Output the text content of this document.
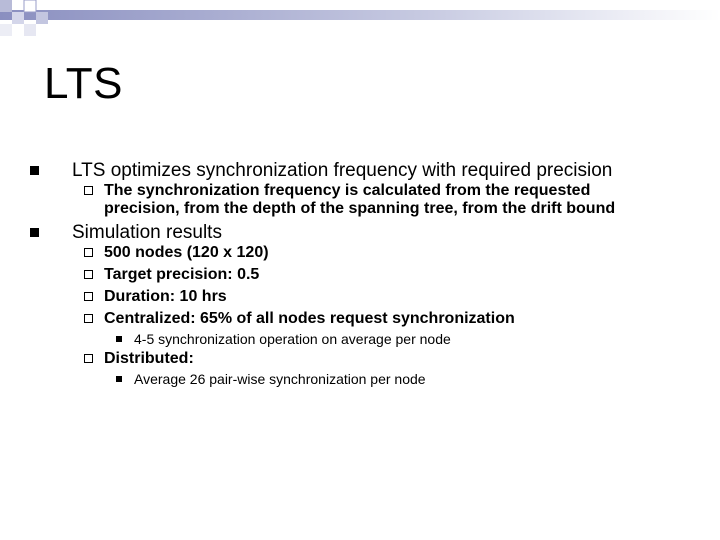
LTS
LTS optimizes synchronization frequency with required precision
The synchronization frequency is calculated from the requested precision, from the depth of the spanning tree, from the drift bound
Simulation results
500 nodes (120 x 120)
Target precision: 0.5
Duration: 10 hrs
Centralized: 65% of all nodes request synchronization
4-5 synchronization operation on average per node
Distributed:
Average 26 pair-wise synchronization per node
